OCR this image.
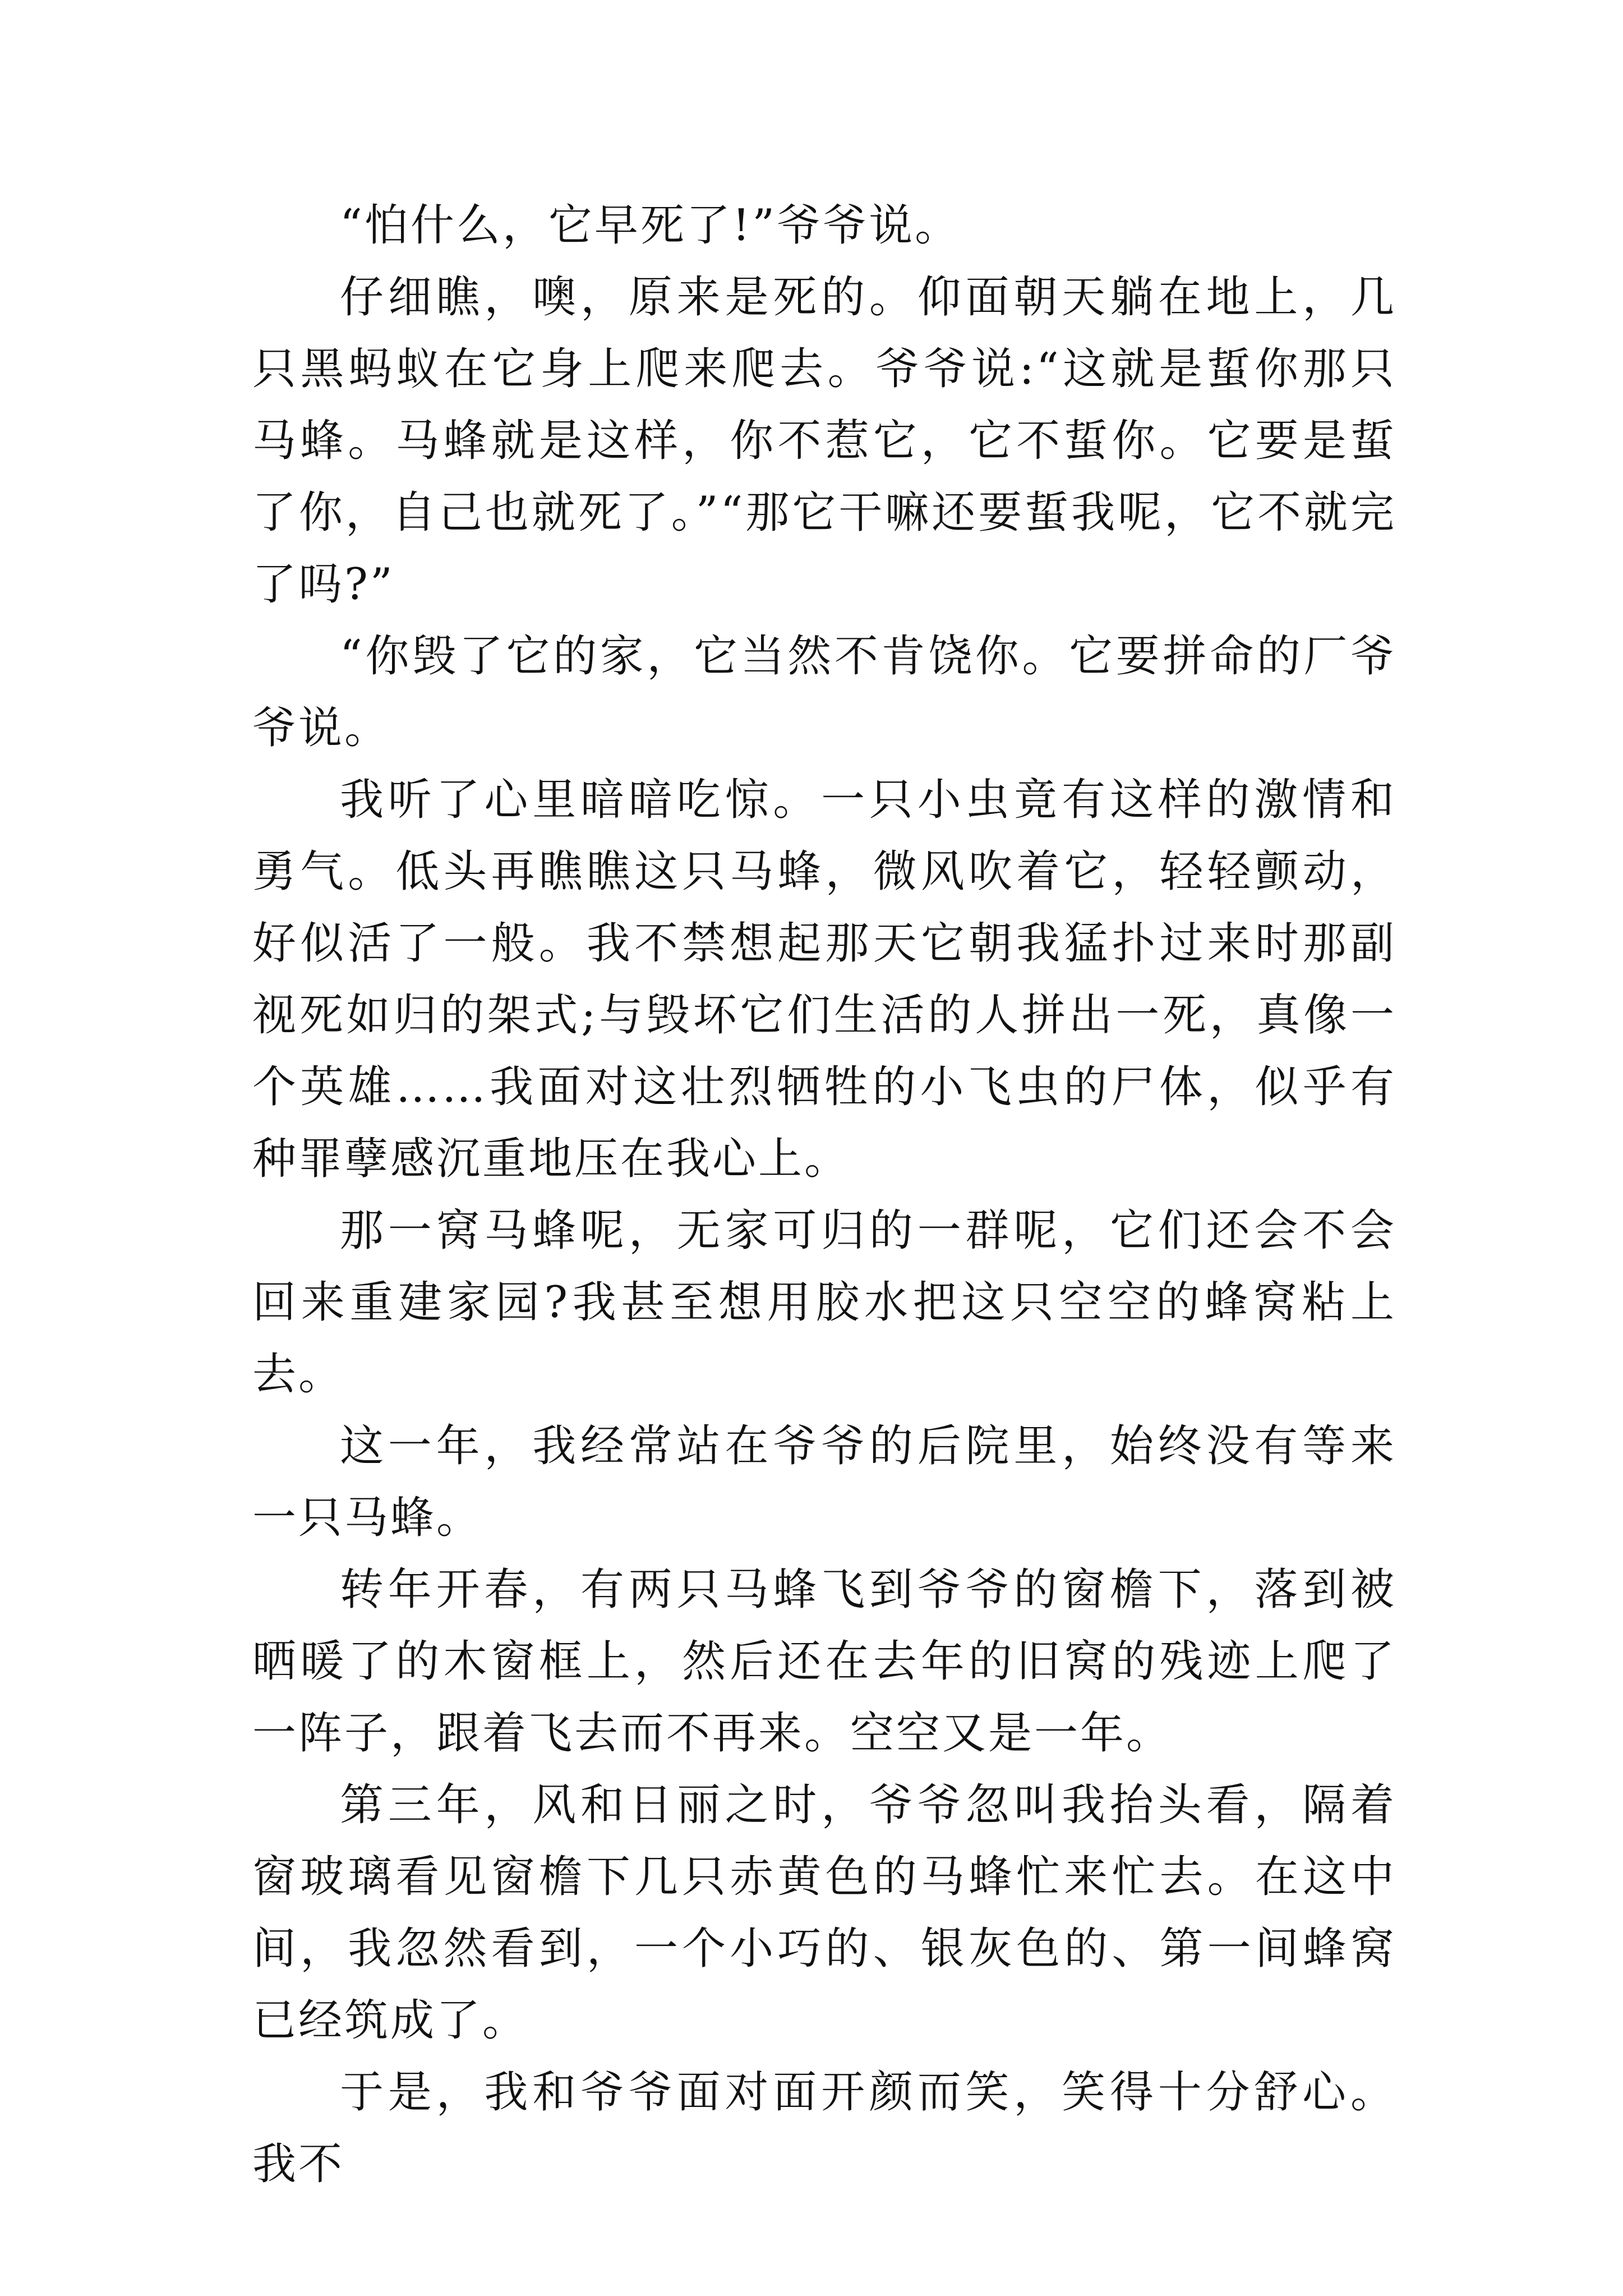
“怕什么，它早死了!”爷爷说。

仔细瞧，噢，原来是死的。仰面朝天躺在地上，几只黑蚂蚁在它身上爬来爬去。爷爷说:“这就是蜇你那只马蜂。马蜂就是这样，你不惹它，它不蜇你。它要是蜇了你，自己也就死了。”“那它干嘛还要蜇我呢，它不就完了吗?”

“你毁了它的家，它当然不肯饶你。它要拼命的厂爷爷说。

我听了心里暗暗吃惊。一只小虫竟有这样的激情和勇气。低头再瞧瞧这只马蜂，微风吹着它，轻轻颤动，好似活了一般。我不禁想起那天它朝我猛扑过来时那副视死如归的架式;与毁坏它们生活的人拼出一死，真像一个英雄……我面对这壮烈牺牲的小飞虫的尸体，似乎有种罪孽感沉重地压在我心上。

那一窝马蜂呢，无家可归的一群呢，它们还会不会回来重建家园?我甚至想用胶水把这只空空的蜂窝粘上去。

这一年，我经常站在爷爷的后院里，始终没有等来一只马蜂。

转年开春，有两只马蜂飞到爷爷的窗檐下，落到被晒暖了的木窗框上，然后还在去年的旧窝的残迹上爬了一阵子，跟着飞去而不再来。空空又是一年。

第三年，风和日丽之时，爷爷忽叫我抬头看，隔着窗玻璃看见窗檐下几只赤黄色的马蜂忙来忙去。在这中间，我忽然看到，一个小巧的、银灰色的、第一间蜂窝已经筑成了。

于是，我和爷爷面对面开颜而笑，笑得十分舒心。我不
